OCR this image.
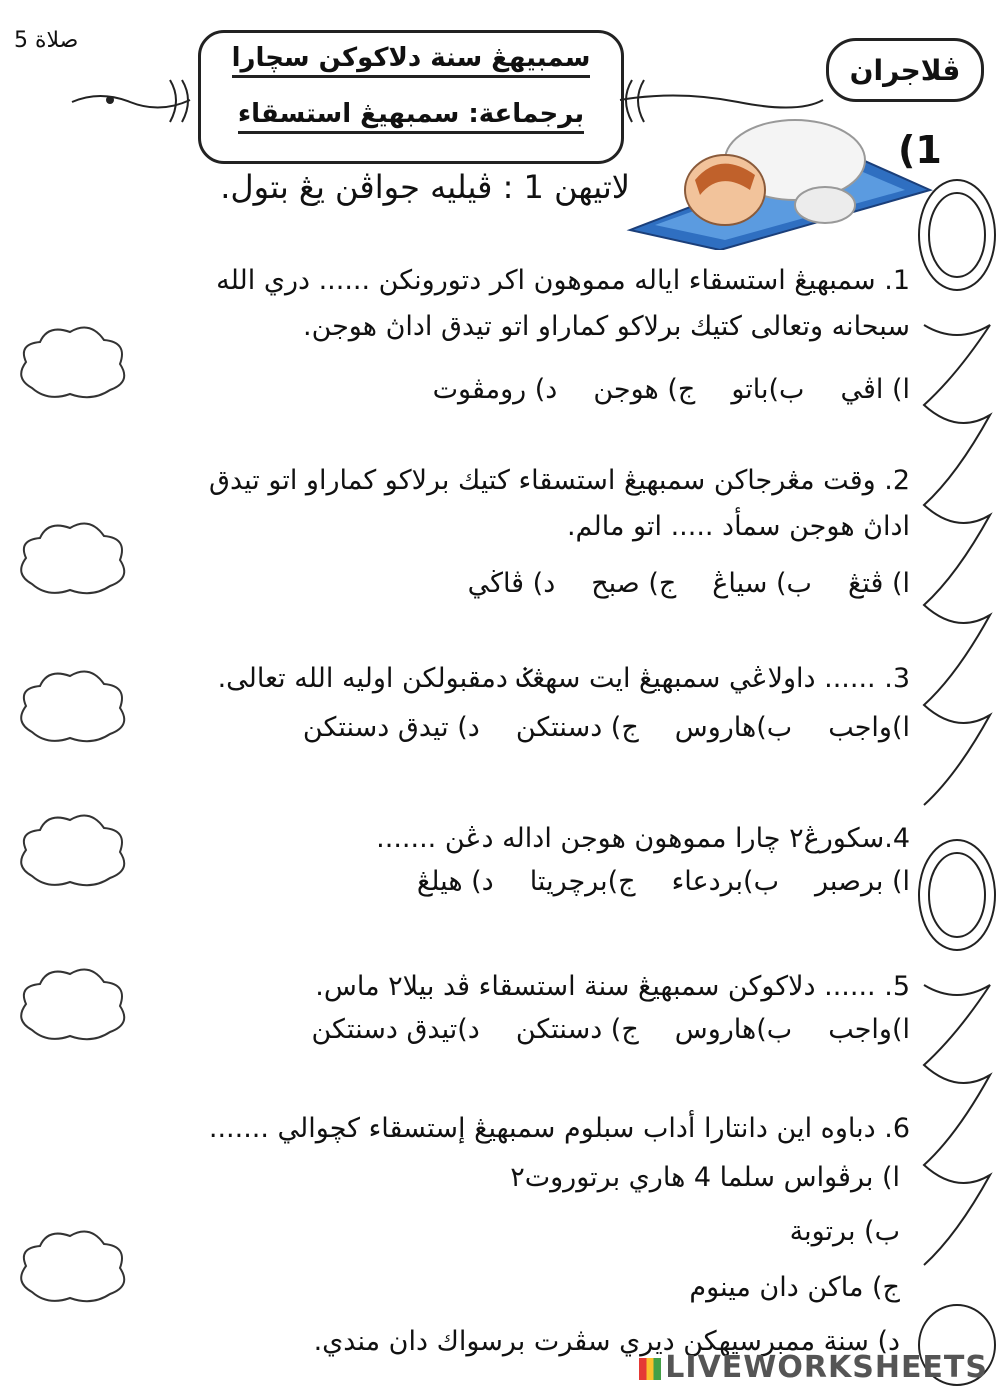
صلاة 5
سمبيهڠ سنة دلاكوكن سچارا
برجماعة: سمبهيڠ استسقاء
ڤلاجران
(1
لاتيهن 1 : ڤيليه جواڤن يڠ بتول.
1. سمبهيڠ استسقاء اياله مموهون اكر دتورونكن ...... دري الله سبحانه وتعالى كتيك برلاكو كماراو اتو تيدق اداڽ هوجن.
ا) اڤي
ب)باتو
ج) هوجن
د) رومڤوت
2. وقت مڠرجاكن سمبهيڠ استسقاء كتيك برلاكو كماراو اتو تيدق اداڽ هوجن سمأد ..... اتو مالم.
ا) ڤتڠ
ب) سياڠ
ج) صبح
د) ڤاڬي
3. ...... داولاڠي سمبهيڠ ايت سهڠݢ دمقبولكن اوليه الله تعالى.
ا)واجب
ب)هاروس
ج) دسنتكن
د) تيدق دسنتكن
4.سكورڠ٢ چارا مموهون هوجن اداله دڠن .......
ا) برصبر
ب)بردعاء
ج)برچريتا
د) هيلڠ
5. ...... دلاكوكن سمبهيڠ سنة استسقاء ڤد بيلا٢ ماس.
ا)واجب
ب)هاروس
ج) دسنتكن
د)تيدق دسنتكن
6. دباوه اين دانتارا أداب سبلوم سمبهيڠ إستسقاء كچوالي .......
ا) برڤواس سلما 4 هاري برتوروت٢
ب) برتوبة
ج) ماكن دان مينوم
د) سنة ممبرسيهكن ديري سڤرت برسواك دان مندي.
LIVEWORKSHEETS
